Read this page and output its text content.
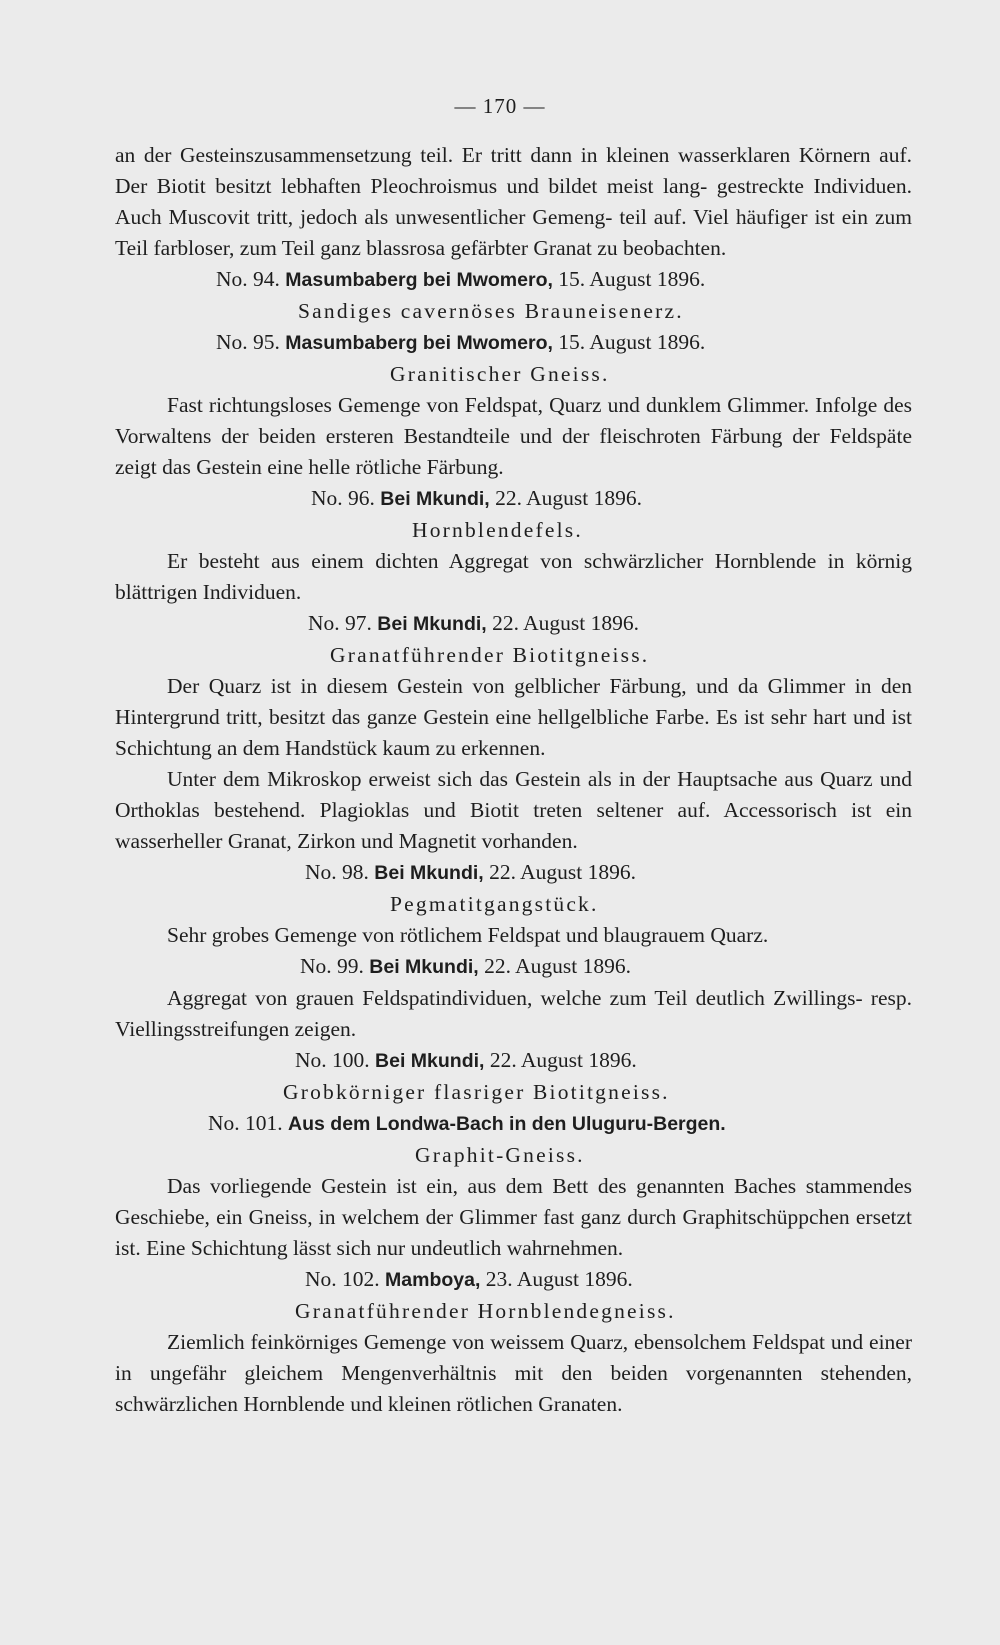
— 170 —

an der Gesteinszusammensetzung teil. Er tritt dann in kleinen wasserklaren Körnern auf. Der Biotit besitzt lebhaften Pleochroismus und bildet meist lang- gestreckte Individuen. Auch Muscovit tritt, jedoch als unwesentlicher Gemeng- teil auf. Viel häufiger ist ein zum Teil farbloser, zum Teil ganz blassrosa gefärbter Granat zu beobachten.

No. 94. Masumbaberg bei Mwomero, 15. August 1896.
Sandiges cavernöses Brauneisenerz.
No. 95. Masumbaberg bei Mwomero, 15. August 1896.
Granitischer Gneiss.

Fast richtungsloses Gemenge von Feldspat, Quarz und dunklem Glimmer. Infolge des Vorwaltens der beiden ersteren Bestandteile und der fleischroten Färbung der Feldspäte zeigt das Gestein eine helle rötliche Färbung.

No. 96. Bei Mkundi, 22. August 1896.
Hornblendefels.

Er besteht aus einem dichten Aggregat von schwärzlicher Hornblende in körnig blättrigen Individuen.

No. 97. Bei Mkundi, 22. August 1896.
Granatführender Biotitgneiss.

Der Quarz ist in diesem Gestein von gelblicher Färbung, und da Glimmer in den Hintergrund tritt, besitzt das ganze Gestein eine hellgelbliche Farbe. Es ist sehr hart und ist Schichtung an dem Handstück kaum zu erkennen.

Unter dem Mikroskop erweist sich das Gestein als in der Hauptsache aus Quarz und Orthoklas bestehend. Plagioklas und Biotit treten seltener auf. Accessorisch ist ein wasserheller Granat, Zirkon und Magnetit vorhanden.

No. 98. Bei Mkundi, 22. August 1896.
Pegmatitgangstück.

Sehr grobes Gemenge von rötlichem Feldspat und blaugrauem Quarz.

No. 99. Bei Mkundi, 22. August 1896.

Aggregat von grauen Feldspatindividuen, welche zum Teil deutlich Zwillings- resp. Viellingsstreifungen zeigen.

No. 100. Bei Mkundi, 22. August 1896.
Grobkörniger flasriger Biotitgneiss.
No. 101. Aus dem Londwa-Bach in den Uluguru-Bergen.
Graphit-Gneiss.

Das vorliegende Gestein ist ein, aus dem Bett des genannten Baches stammendes Geschiebe, ein Gneiss, in welchem der Glimmer fast ganz durch Graphitschüppchen ersetzt ist. Eine Schichtung lässt sich nur undeutlich wahrnehmen.

No. 102. Mamboya, 23. August 1896.
Granatführender Hornblendegneiss.

Ziemlich feinkörniges Gemenge von weissem Quarz, ebensolchem Feldspat und einer in ungefähr gleichem Mengenverhältnis mit den beiden vorgenannten stehenden, schwärzlichen Hornblende und kleinen rötlichen Granaten.
